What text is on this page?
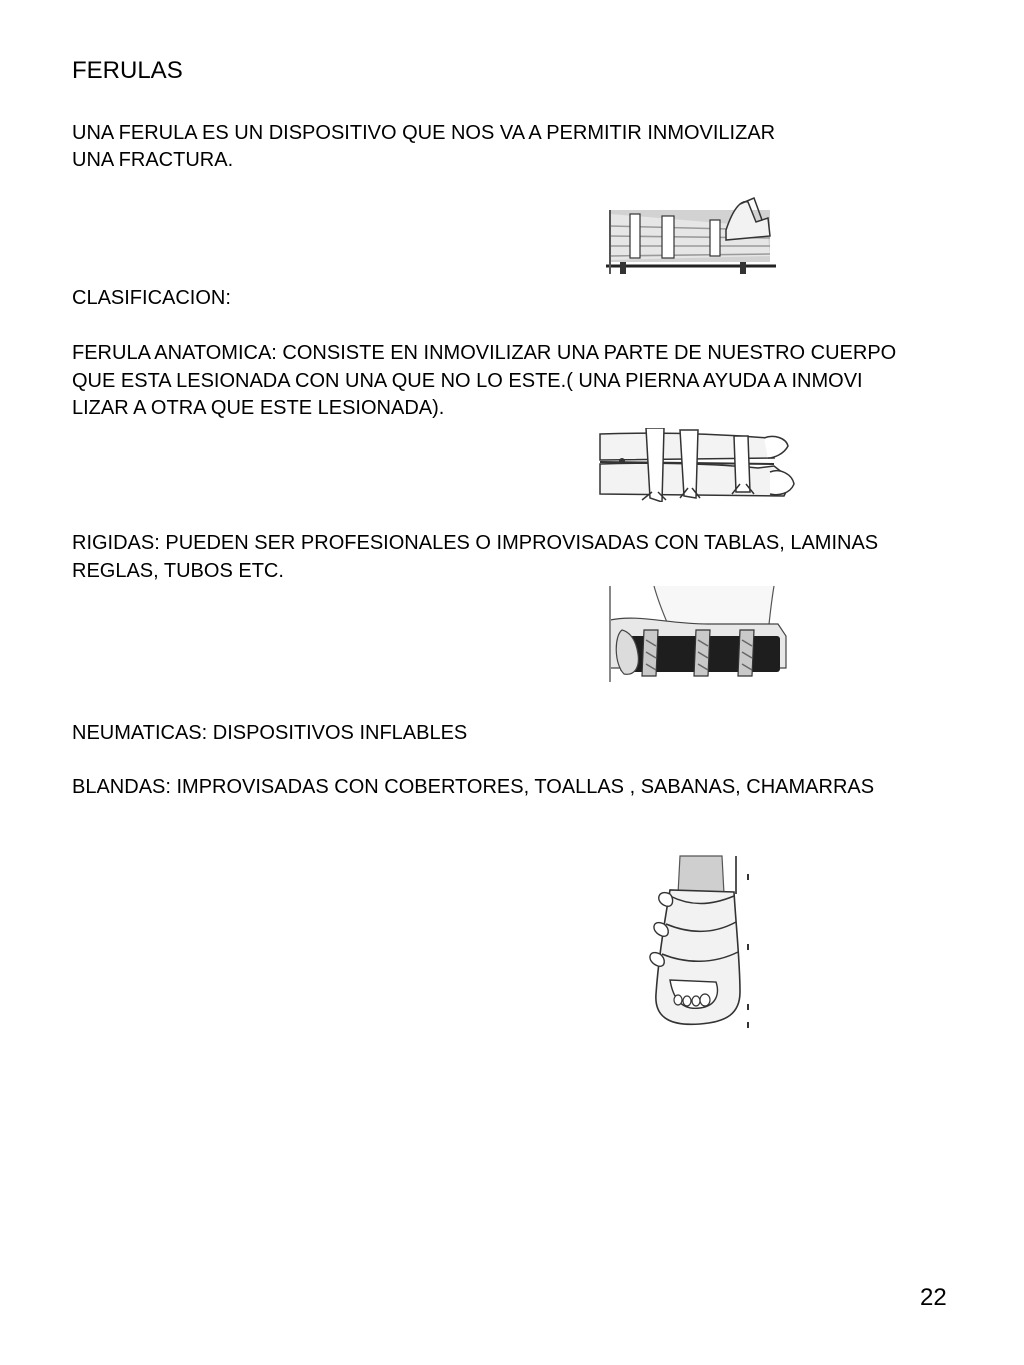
FERULAS
UNA FERULA ES UN DISPOSITIVO QUE NOS VA A PERMITIR INMOVILIZAR
UNA FRACTURA.
CLASIFICACION:
FERULA ANATOMICA: CONSISTE EN INMOVILIZAR UNA PARTE DE NUESTRO CUERPO
QUE ESTA LESIONADA CON UNA QUE NO LO ESTE.( UNA PIERNA AYUDA A INMOVI
LIZAR A OTRA QUE ESTE LESIONADA).
RIGIDAS: PUEDEN SER PROFESIONALES O IMPROVISADAS CON TABLAS, LAMINAS
REGLAS, TUBOS ETC.
NEUMATICAS: DISPOSITIVOS INFLABLES
BLANDAS: IMPROVISADAS CON COBERTORES, TOALLAS , SABANAS, CHAMARRAS
22
